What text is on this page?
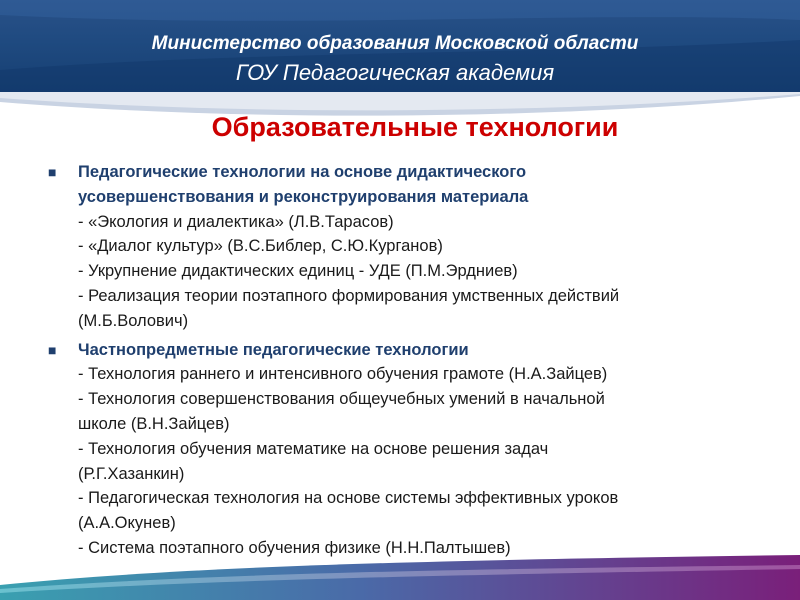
Министерство образования Московской области
ГОУ Педагогическая академия
Образовательные технологии
■ Педагогические технологии на основе дидактического
усовершенствования и реконструирования материала
- «Экология и диалектика» (Л.В.Тарасов)
- «Диалог культур» (В.С.Библер, С.Ю.Курганов)
- Укрупнение дидактических единиц - УДЕ (П.М.Эрдниев)
- Реализация теории поэтапного формирования умственных действий
(М.Б.Волович)
■ Частнопредметные педагогические технологии
- Технология раннего и интенсивного обучения грамоте (Н.А.Зайцев)
- Технология совершенствования общеучебных умений в начальной
школе (В.Н.Зайцев)
- Технология обучения математике на основе решения задач
(Р.Г.Хазанкин)
- Педагогическая технология на основе системы эффективных уроков
(А.А.Окунев)
- Система поэтапного обучения физике (Н.Н.Палтышев)
